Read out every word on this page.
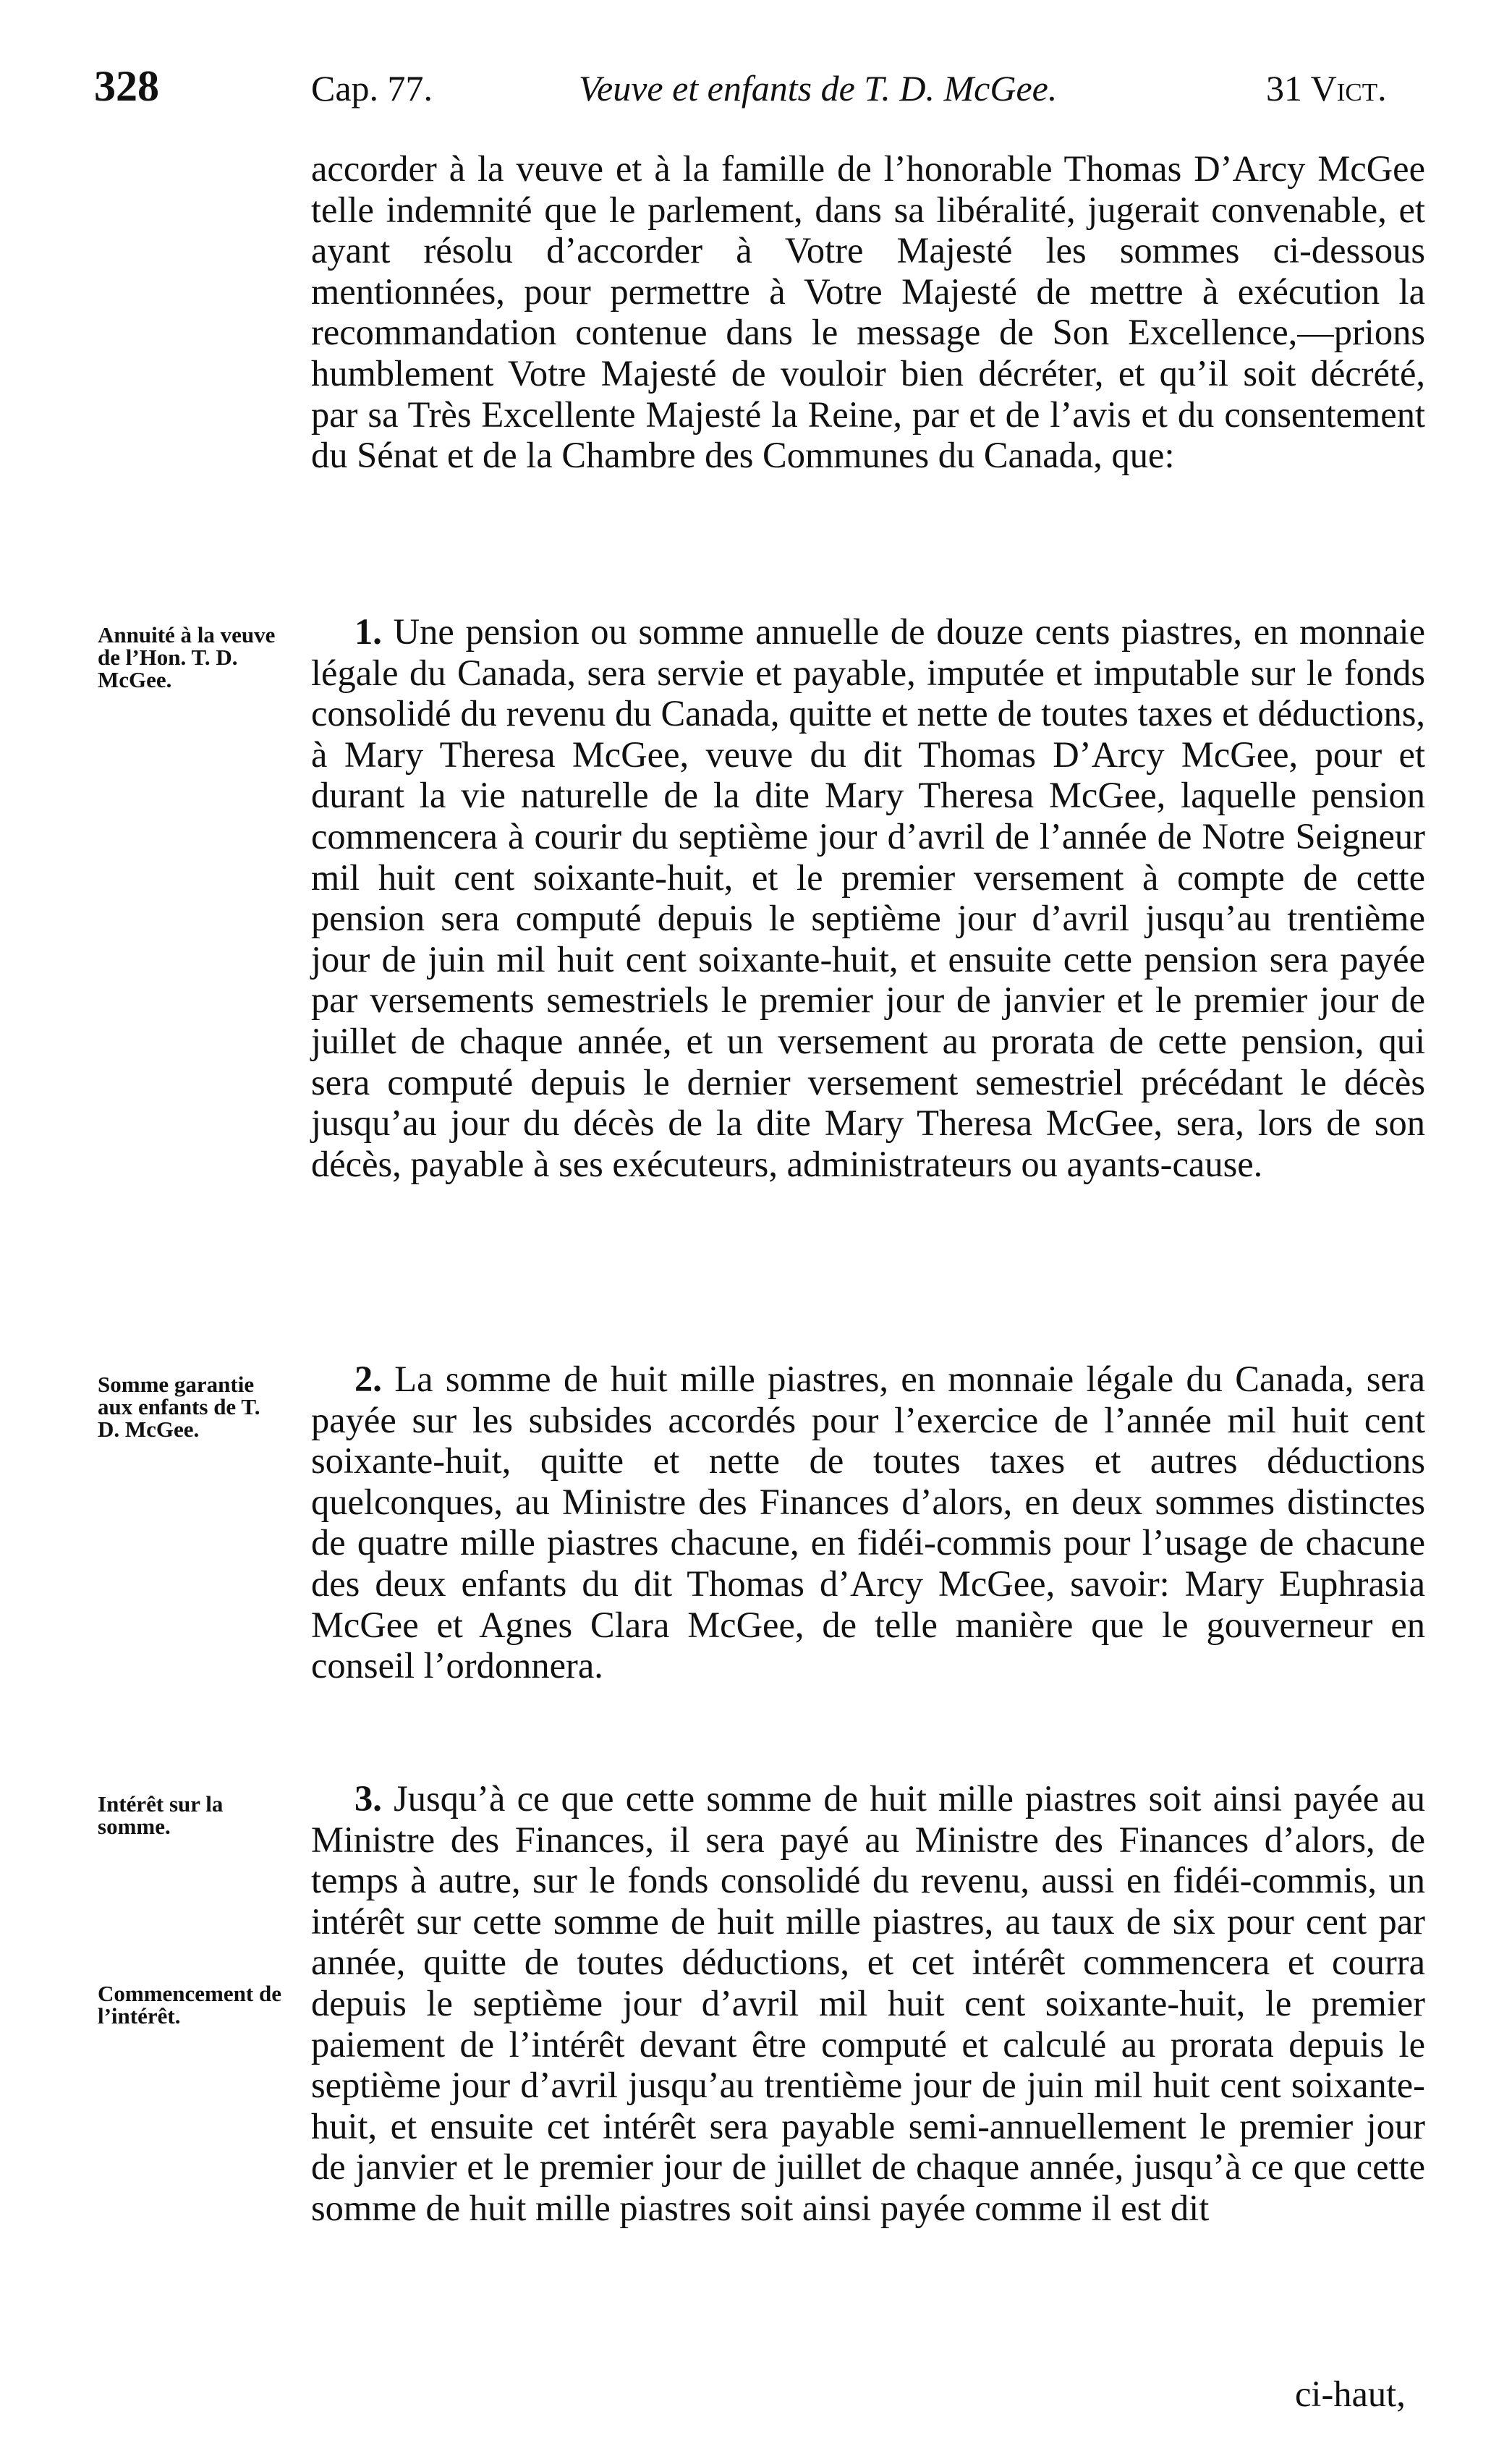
328	Cap. 77.	Veuve et enfants de T. D. McGee.	31 Vict.

accorder à la veuve et à la famille de l’honorable Thomas D’Arcy McGee telle indemnité que le parlement, dans sa libéralité, jugerait convenable, et ayant résolu d’accorder à Votre Majesté les sommes ci-dessous mentionnées, pour permettre à Votre Majesté de mettre à exécution la recommandation contenue dans le message de Son Excellence,—prions humblement Votre Majesté de vouloir bien décréter, et qu’il soit décrété, par sa Très Excellente Majesté la Reine, par et de l’avis et du consentement du Sénat et de la Chambre des Communes du Canada, que:

Annuité à la veuve de l’Hon. T. D. McGee.

1. Une pension ou somme annuelle de douze cents piastres, en monnaie légale du Canada, sera servie et payable, imputée et imputable sur le fonds consolidé du revenu du Canada, quitte et nette de toutes taxes et déductions, à Mary Theresa McGee, veuve du dit Thomas D’Arcy McGee, pour et durant la vie naturelle de la dite Mary Theresa McGee, laquelle pension commencera à courir du septième jour d’avril de l’année de Notre Seigneur mil huit cent soixante-huit, et le premier versement à compte de cette pension sera computé depuis le septième jour d’avril jusqu’au trentième jour de juin mil huit cent soixante-huit, et ensuite cette pension sera payée par versements semestriels le premier jour de janvier et le premier jour de juillet de chaque année, et un versement au prorata de cette pension, qui sera computé depuis le dernier versement semestriel précédant le décès jusqu’au jour du décès de la dite Mary Theresa McGee, sera, lors de son décès, payable à ses exécuteurs, administrateurs ou ayants-cause.

Somme garantie aux enfants de T. D. McGee.

2. La somme de huit mille piastres, en monnaie légale du Canada, sera payée sur les subsides accordés pour l’exercice de l’année mil huit cent soixante-huit, quitte et nette de toutes taxes et autres déductions quelconques, au Ministre des Finances d’alors, en deux sommes distinctes de quatre mille piastres chacune, en fidéi-commis pour l’usage de chacune des deux enfants du dit Thomas d’Arcy McGee, savoir: Mary Euphrasia McGee et Agnes Clara McGee, de telle manière que le gouverneur en conseil l’ordonnera.

Intérêt sur la somme.

Commencement de l’intérêt.

3. Jusqu’à ce que cette somme de huit mille piastres soit ainsi payée au Ministre des Finances, il sera payé au Ministre des Finances d’alors, de temps à autre, sur le fonds consolidé du revenu, aussi en fidéi-commis, un intérêt sur cette somme de huit mille piastres, au taux de six pour cent par année, quitte de toutes déductions, et cet intérêt commencera et courra depuis le septième jour d’avril mil huit cent soixante-huit, le premier paiement de l’intérêt devant être computé et calculé au prorata depuis le septième jour d’avril jusqu’au trentième jour de juin mil huit cent soixante-huit, et ensuite cet intérêt sera payable semi-annuellement le premier jour de janvier et le premier jour de juillet de chaque année, jusqu’à ce que cette somme de huit mille piastres soit ainsi payée comme il est dit

ci-haut,
